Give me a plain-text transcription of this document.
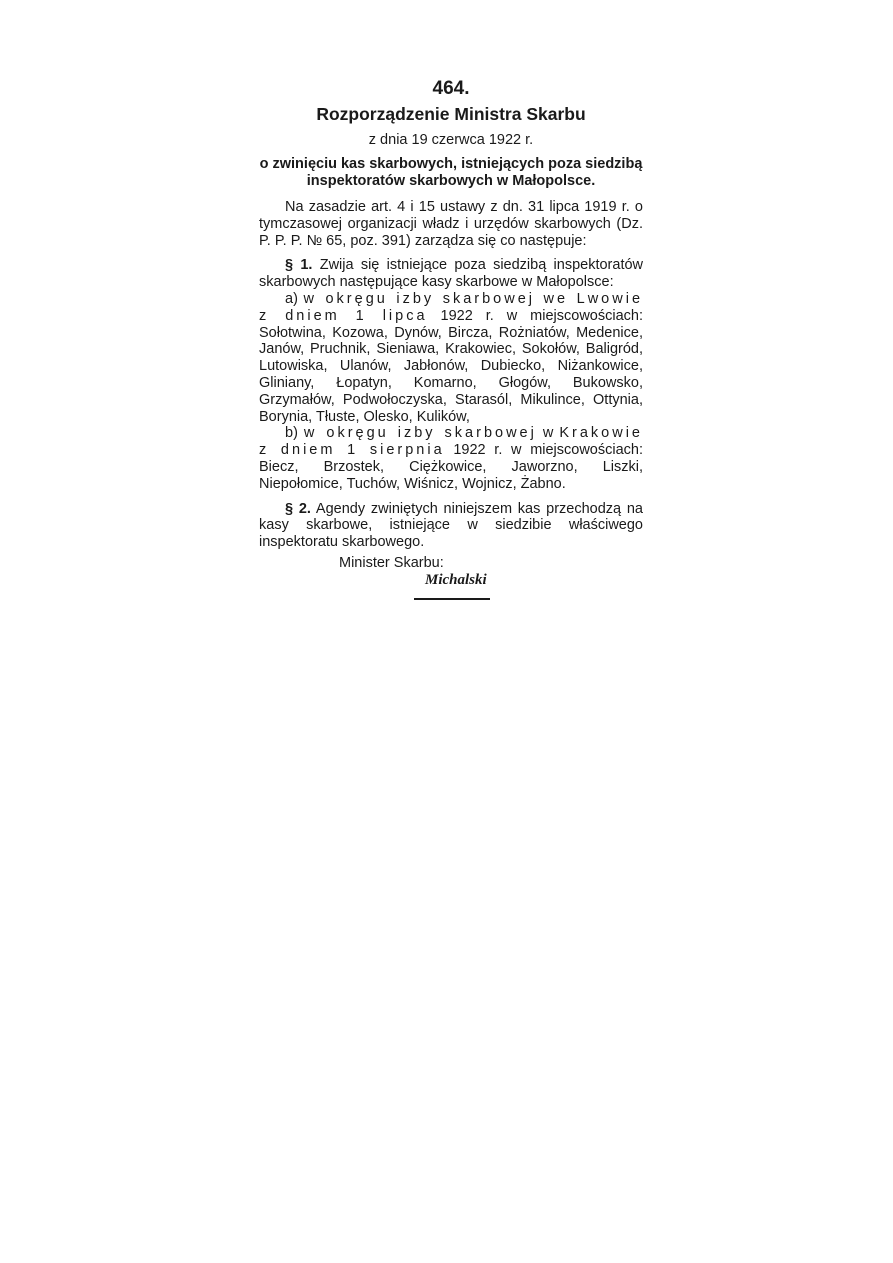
464.
Rozporządzenie Ministra Skarbu
z dnia 19 czerwca 1922 r.
o zwinięciu kas skarbowych, istniejących poza siedzibą inspektoratów skarbowych w Małopolsce.

Na zasadzie art. 4 i 15 ustawy z dn. 31 lipca 1919 r. o tymczasowej organizacji władz i urzędów skarbowych (Dz. P. P. P. № 65, poz. 391) zarządza się co następuje:

§ 1. Zwija się istniejące poza siedzibą inspektoratów skarbowych następujące kasy skarbowe w Małopolsce:

a) w okręgu izby skarbowej we Lwowie z dniem 1 lipca 1922 r. w miejscowościach: Sołotwina, Kozowa, Dynów, Bircza, Rożniatów, Medenice, Janów, Pruchnik, Sieniawa, Krakowiec, Sokołów, Baligród, Lutowiska, Ulanów, Jabłonów, Dubiecko, Niżankowice, Gliniany, Łopatyn, Komarno, Głogów, Bukowsko, Grzymałów, Podwołoczyska, Starasól, Mikulince, Ottynia, Borynia, Tłuste, Olesko, Kulików,

b) w okręgu izby skarbowej w Krakowie z dniem 1 sierpnia 1922 r. w miejscowościach: Biecz, Brzostek, Ciężkowice, Jaworzno, Liszki, Niepołomice, Tuchów, Wiśnicz, Wojnicz, Żabno.

§ 2. Agendy zwiniętych niniejszem kas przechodzą na kasy skarbowe, istniejące w siedzibie właściwego inspektoratu skarbowego.

Minister Skarbu:
Michalski
